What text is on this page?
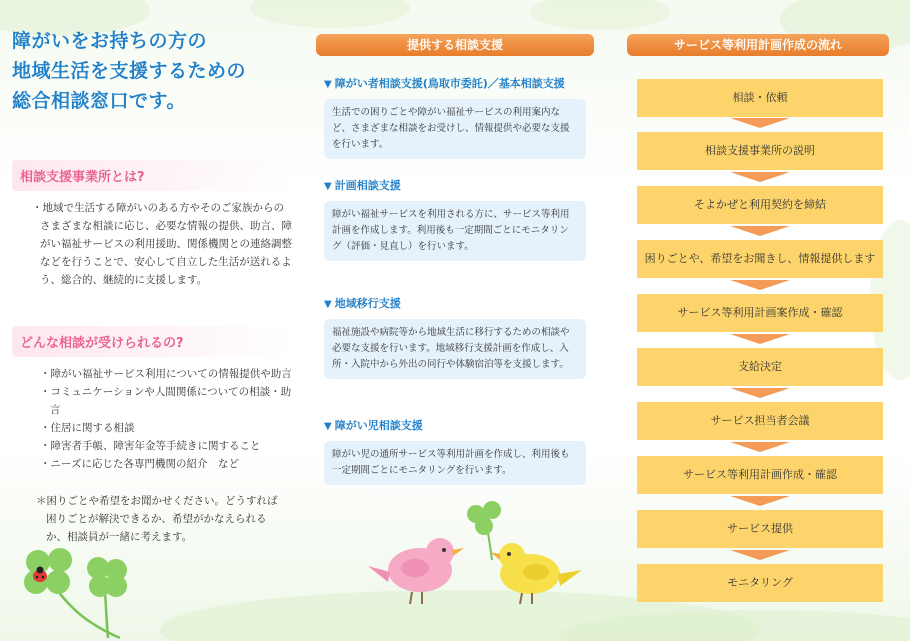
障がいをお持ちの方の
地域生活を支援するための
総合相談窓口です。
相談支援事業所とは?
・地域で生活する障がいのある方やそのご家族からのさまざまな相談に応じ、必要な情報の提供、助言、障がい福祉サービスの利用援助、関係機関との連絡調整などを行うことで、安心して自立した生活が送れるよう、総合的、継続的に支援します。
どんな相談が受けられるの?
・ 障がい福祉サービス利用についての情報提供や助言
・ コミュニケーションや人間関係についての相談・助言
・ 住居に関する相談
・ 障害者手帳、障害年金等手続きに関すること
・ ニーズに応じた各専門機関の紹介　など
＊困りごとや希望をお聞かせください。どうすれば困りごとが解決できるか、希望がかなえられるか、相談員が一緒に考えます。
提供する相談支援
▼ 障がい者相談支援(鳥取市委託)／基本相談支援
生活での困りごとや障がい福祉サービスの利用案内など、さまざまな相談をお受けし、情報提供や必要な支援を行います。
▼ 計画相談支援
障がい福祉サービスを利用される方に、サービス等利用計画を作成します。利用後も一定期間ごとにモニタリング（評価・見直し）を行います。
▼ 地域移行支援
福祉施設や病院等から地域生活に移行するための相談や必要な支援を行います。地域移行支援計画を作成し、入所・入院中から外出の同行や体験宿泊等を支援します。
▼ 障がい児相談支援
障がい児の通所サービス等利用計画を作成し、利用後も一定期間ごとにモニタリングを行います。
サービス等利用計画作成の流れ
相談・依頼
相談支援事業所の説明
そよかぜと利用契約を締結
困りごとや、希望をお聞きし、情報提供します
サービス等利用計画案作成・確認
支給決定
サービス担当者会議
サービス等利用計画作成・確認
サービス提供
モニタリング
